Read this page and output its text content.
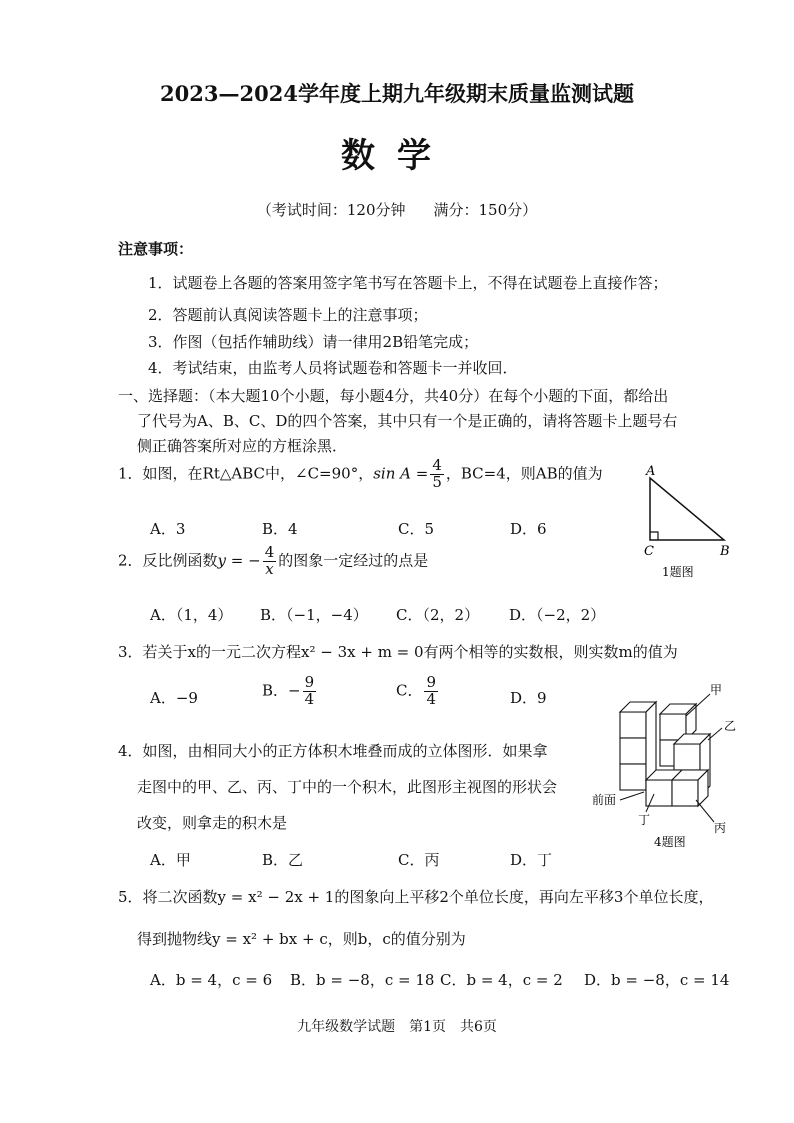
2023—2024学年度上期九年级期末质量监测试题
数学
（考试时间：120分钟 满分：150分）
注意事项：
1．试题卷上各题的答案用签字笔书写在答题卡上，不得在试题卷上直接作答；
2．答题前认真阅读答题卡上的注意事项；
3．作图（包括作辅助线）请一律用2B铅笔完成；
4．考试结束，由监考人员将试题卷和答题卡一并收回．
一、选择题：（本大题10个小题，每小题4分，共40分）在每个小题的下面，都给出
了代号为A、B、C、D的四个答案，其中只有一个是正确的，请将答题卡上题号右
侧正确答案所对应的方框涂黑．
1．如图，在Rt△ABC中，∠C=90°，$\sin A = \frac{4}{5}$ ，BC=4，则AB的值为
A．3	B．4	C．5	D．6
A
C	B
1题图
2．反比例函数y = − $\frac{4}{x}$ 的图象一定经过的点是
A．（1，4） B．（−1，−4） C．（2，2） D．（−2，2）
3．若关于x的一元二次方程x² − 3x + m = 0有两个相等的实数根，则实数m的值为
A．−9	B．− $\frac{9}{4}$	C． $\frac{9}{4}$	D．9
4．如图，由相同大小的正方体积木堆叠而成的立体图形．如果拿
走图中的甲、乙、丙、丁中的一个积木，此图形主视图的形状会
改变，则拿走的积木是
A．甲	B．乙	C．丙	D．丁
甲
乙
丙
丁
前面
4题图
5．将二次函数y = x² − 2x + 1的图象向上平移2个单位长度，再向左平移3个单位长度，
得到抛物线y = x² + bx + c，则b，c的值分别为
A．b = 4，c = 6 B．b = −8，c = 18 C．b = 4，c = 2 D．b = −8，c = 14
九年级数学试题　第1页　共6页
